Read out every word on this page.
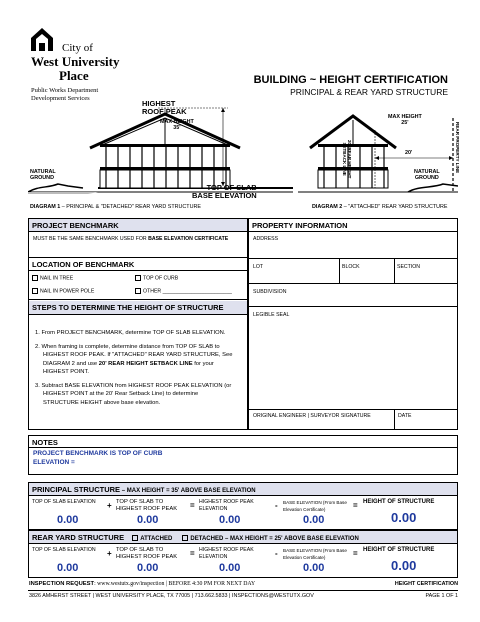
City of
West University
Place
Public Works Department
Development Services
BUILDING ~ HEIGHT CERTIFICATION
PRINCIPAL & REAR YARD STRUCTURE
HIGHEST
ROOF PEAK
MAX HEIGHT
35'
NATURAL
GROUND
TOP OF SLAB
BASE ELEVATION
MAX HEIGHT
25'
20' REAR HEIGHT
SETBACK LINE
20'
NATURAL
GROUND
REAR PROPERTY LINE
DIAGRAM 1 – PRINCIPAL & "DETACHED" REAR YARD STRUCTURE	DIAGRAM 2 – "ATTACHED" REAR YARD STRUCTURE
PROJECT BENCHMARK
MUST BE THE SAME BENCHMARK USED FOR BASE ELEVATION CERTIFICATE
LOCATION OF BENCHMARK
NAIL IN TREE	TOP OF CURB
NAIL IN POWER POLE	OTHER ________________________
STEPS TO DETERMINE THE HEIGHT OF STRUCTURE
1. From PROJECT BENCHMARK, determine TOP OF SLAB ELEVATION.
2. When framing is complete, determine distance from TOP OF SLAB to HIGHEST ROOF PEAK. If "ATTACHED" REAR YARD STRUCTURE, See DIAGRAM 2 and use 20' REAR HEIGHT SETBACK LINE for your HIGHEST POINT.
3. Subtract BASE ELEVATION from HIGHEST ROOF PEAK ELEVATION (or HIGHEST POINT at the 20' Rear Setback Line) to determine STRUCTURE HEIGHT above base elevation.
PROPERTY INFORMATION
ADDRESS
LOT	BLOCK	SECTION
SUBDIVISION
LEGIBLE SEAL
ORIGINAL ENGINEER | SURVEYOR SIGNATURE	DATE
NOTES
PROJECT BENCHMARK IS TOP OF CURB
ELEVATION =
PRINCIPAL STRUCTURE – MAX HEIGHT = 35' ABOVE BASE ELEVATION
TOP OF SLAB ELEVATION	+ TOP OF SLAB TO HIGHEST ROOF PEAK	= HIGHEST ROOF PEAK ELEVATION	- BASE ELEVATION (From Base Elevation Certificate)	= HEIGHT OF STRUCTURE
0.00	0.00	0.00	0.00	0.00
REAR YARD STRUCTURE	ATTACHED	DETACHED – MAX HEIGHT = 25' ABOVE BASE ELEVATION
TOP OF SLAB ELEVATION	+ TOP OF SLAB TO HIGHEST ROOF PEAK	= HIGHEST ROOF PEAK ELEVATION	- BASE ELEVATION (From Base Elevation Certificate)	= HEIGHT OF STRUCTURE
0.00	0.00	0.00	0.00	0.00
INSPECTION REQUEST: www.westutx.gov/inspection | BEFORE 4:30 PM FOR NEXT DAY	HEIGHT CERTIFICATION
3826 AMHERST STREET | WEST UNIVERSITY PLACE, TX 77005 | 713.662.5833 | INSPECTIONS@WESTUTX.GOV	PAGE 1 OF 1
